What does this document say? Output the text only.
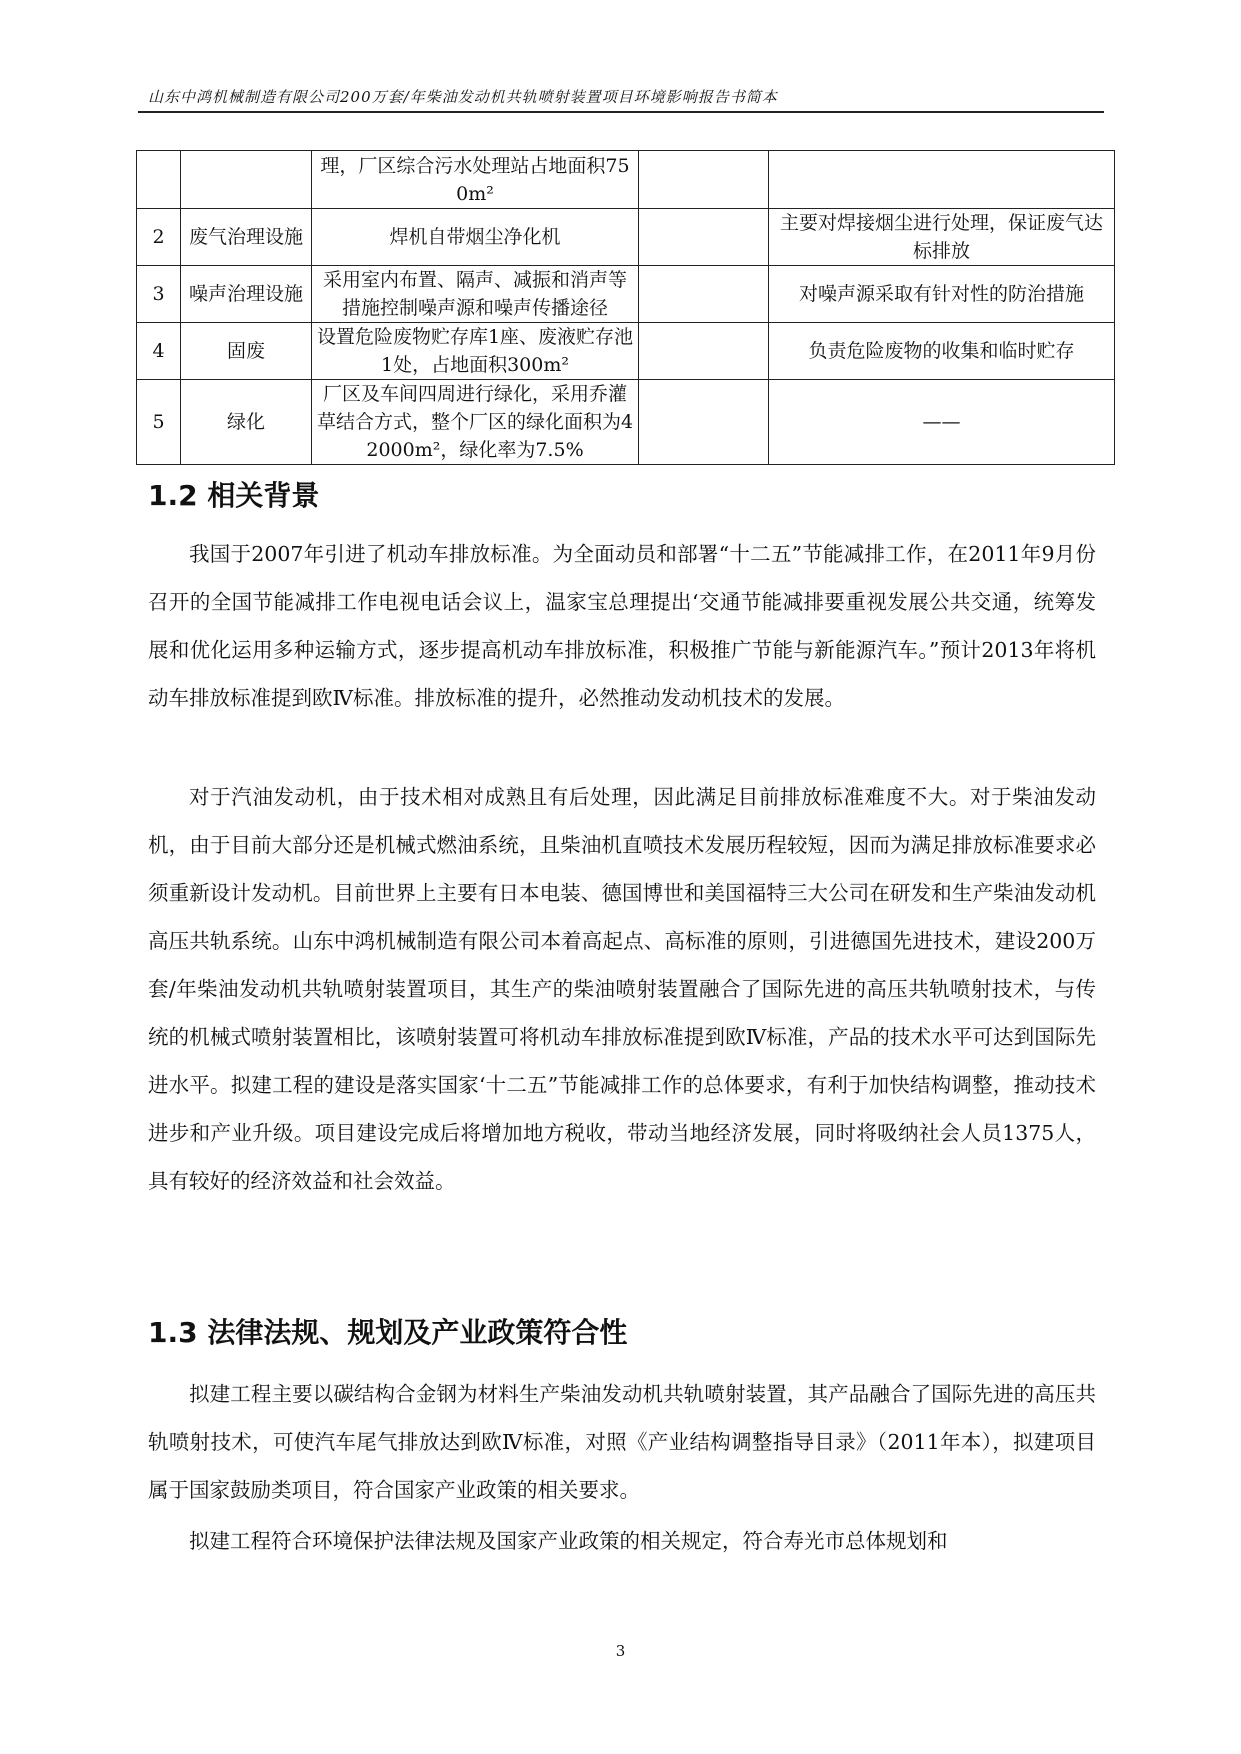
山东中鸿机械制造有限公司200万套/年柴油发动机共轨喷射装置项目环境影响报告书简本
		理，厂区综合污水处理站占地面积750m²		
2	废气治理设施	焊机自带烟尘净化机		主要对焊接烟尘进行处理，保证废气达标排放
3	噪声治理设施	采用室内布置、隔声、减振和消声等措施控制噪声源和噪声传播途径		对噪声源采取有针对性的防治措施
4	固废	设置危险废物贮存库1座、废液贮存池1处，占地面积300m²		负责危险废物的收集和临时贮存
5	绿化	厂区及车间四周进行绿化，采用乔灌草结合方式，整个厂区的绿化面积为42000m²，绿化率为7.5%		——
1.2 相关背景

我国于2007年引进了机动车排放标准。为全面动员和部署“十二五”节能减排工作，在2011年9月份召开的全国节能减排工作电视电话会议上，温家宝总理提出‘交通节能减排要重视发展公共交通，统筹发展和优化运用多种运输方式，逐步提高机动车排放标准，积极推广节能与新能源汽车。”预计2013年将机动车排放标准提到欧Ⅳ标准。排放标准的提升，必然推动发动机技术的发展。

对于汽油发动机，由于技术相对成熟且有后处理，因此满足目前排放标准难度不大。对于柴油发动机，由于目前大部分还是机械式燃油系统，且柴油机直喷技术发展历程较短，因而为满足排放标准要求必须重新设计发动机。目前世界上主要有日本电装、德国博世和美国福特三大公司在研发和生产柴油发动机高压共轨系统。山东中鸿机械制造有限公司本着高起点、高标准的原则，引进德国先进技术，建设200万套/年柴油发动机共轨喷射装置项目，其生产的柴油喷射装置融合了国际先进的高压共轨喷射技术，与传统的机械式喷射装置相比，该喷射装置可将机动车排放标准提到欧Ⅳ标准，产品的技术水平可达到国际先进水平。拟建工程的建设是落实国家‘十二五”节能减排工作的总体要求，有利于加快结构调整，推动技术进步和产业升级。项目建设完成后将增加地方税收，带动当地经济发展，同时将吸纳社会人员1375人，具有较好的经济效益和社会效益。

1.3 法律法规、规划及产业政策符合性

拟建工程主要以碳结构合金钢为材料生产柴油发动机共轨喷射装置，其产品融合了国际先进的高压共轨喷射技术，可使汽车尾气排放达到欧Ⅳ标准，对照《产业结构调整指导目录》（2011年本），拟建项目属于国家鼓励类项目，符合国家产业政策的相关要求。

拟建工程符合环境保护法律法规及国家产业政策的相关规定，符合寿光市总体规划和

3
